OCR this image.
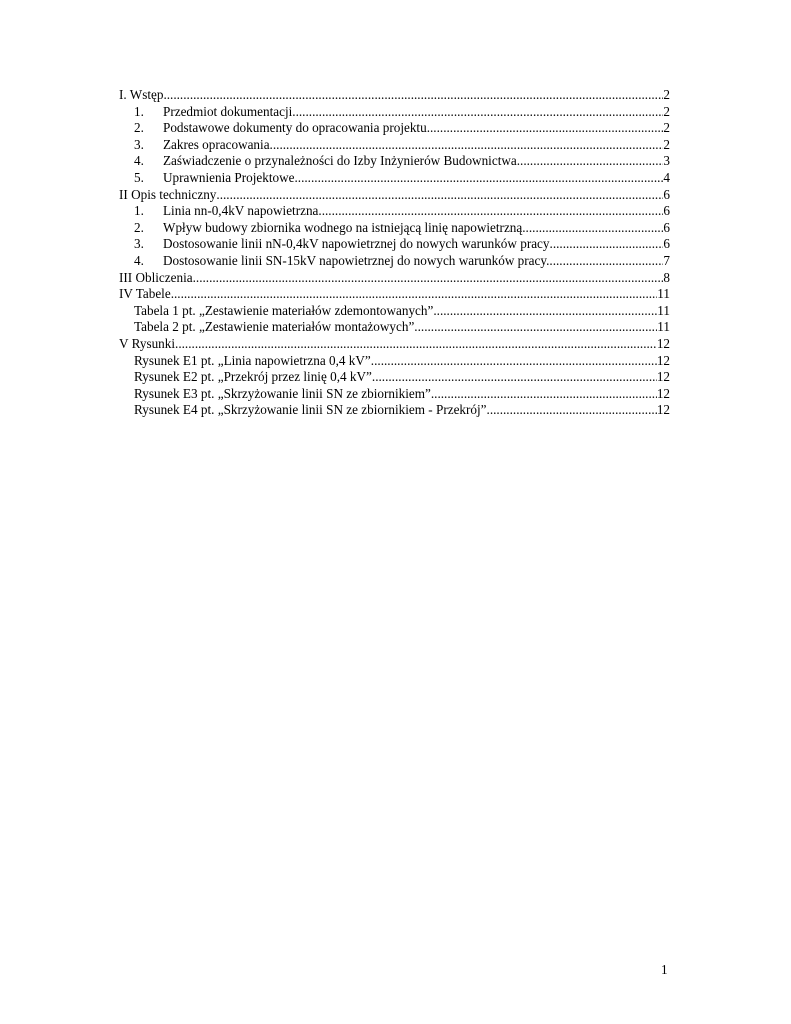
I. Wstęp .....	2
1.	Przedmiot dokumentacji .....	2
2.	Podstawowe dokumenty do opracowania projektu .....	2
3.	Zakres opracowania .....	2
4.	Zaświadczenie o przynależności do Izby Inżynierów Budownictwa .....	3
5.	Uprawnienia Projektowe .....	4
II Opis techniczny .....	6
1.	Linia nn-0,4kV napowietrzna. .....	6
2.	Wpływ budowy zbiornika wodnego na istniejącą linię napowietrzną. .....	6
3.	Dostosowanie linii nN-0,4kV napowietrznej do nowych warunków pracy .....	6
4.	Dostosowanie linii SN-15kV napowietrznej do nowych warunków pracy. .....	7
III Obliczenia .....	8
IV Tabele .....	11
Tabela 1 pt. „Zestawienie materiałów zdemontowanych”. .....	11
Tabela 2 pt. „Zestawienie materiałów montażowych”. .....	11
V Rysunki .....	12
Rysunek E1 pt. „Linia napowietrzna 0,4 kV”. .....	12
Rysunek E2 pt. „Przekrój przez linię 0,4 kV”. .....	12
Rysunek E3 pt. „Skrzyżowanie linii SN ze zbiornikiem”. .....	12
Rysunek E4 pt. „Skrzyżowanie linii SN ze zbiornikiem - Przekrój”. .....	12
1
